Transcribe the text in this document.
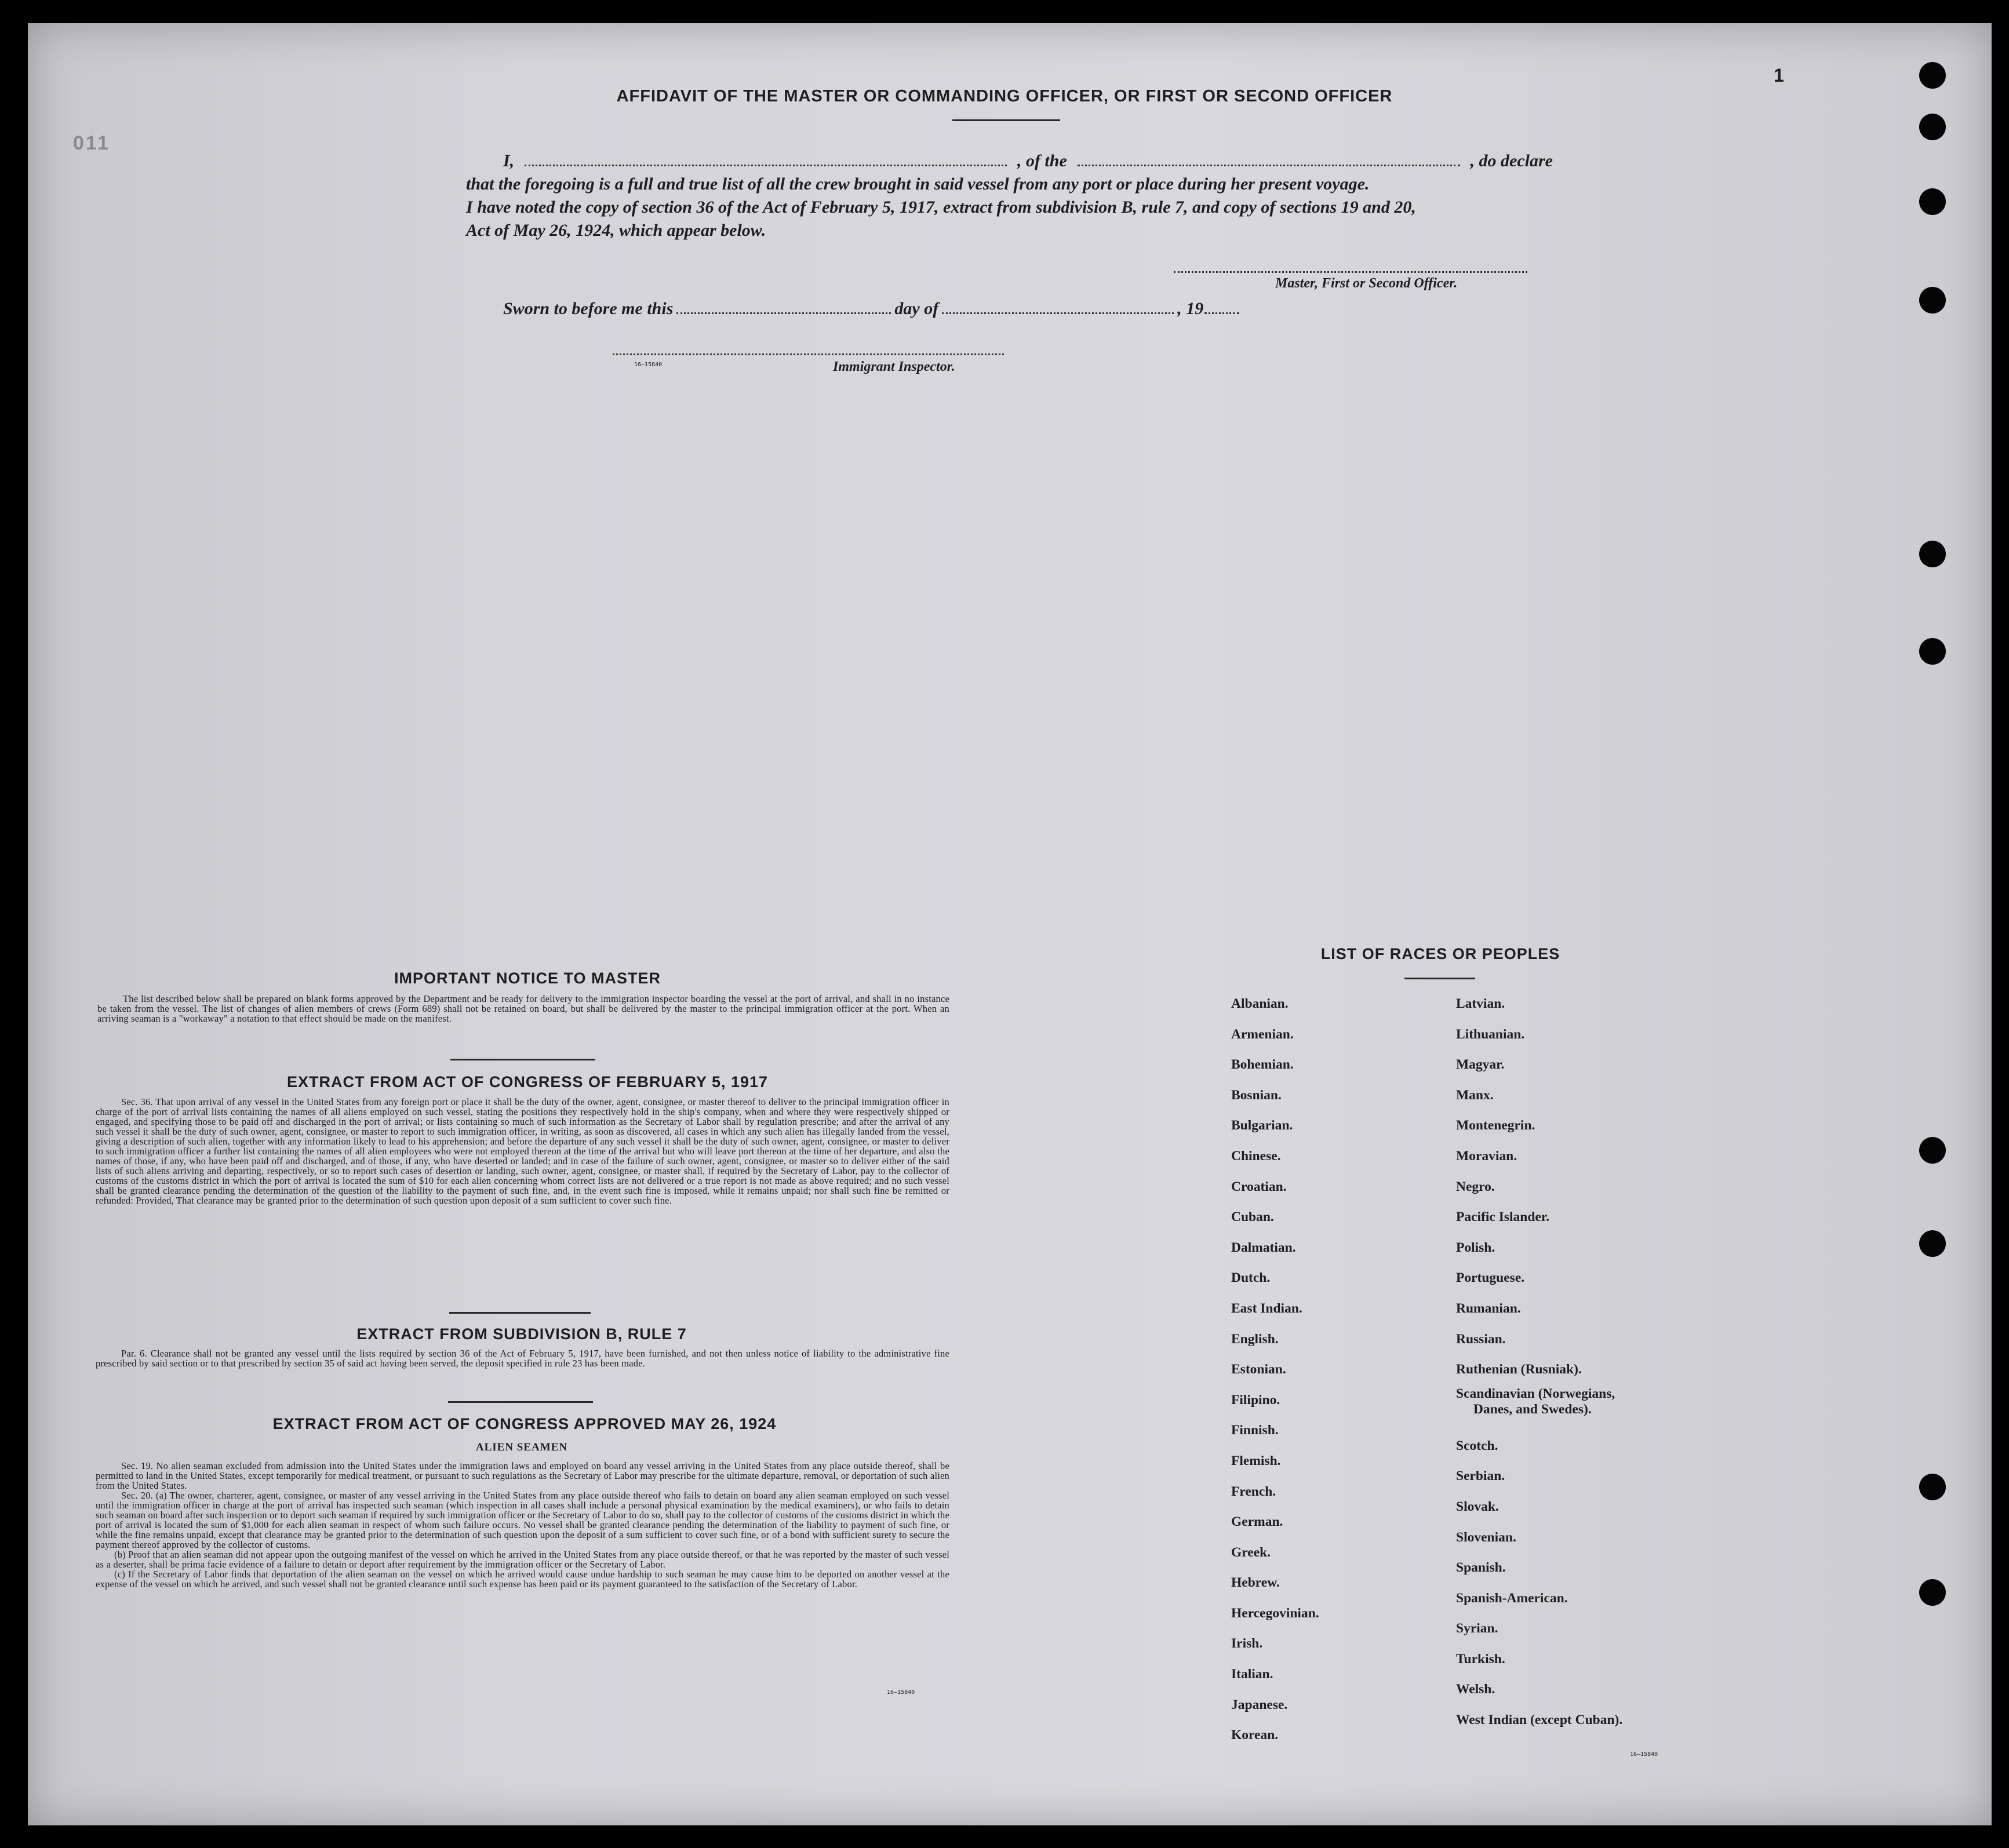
1
011
AFFIDAVIT OF THE MASTER OR COMMANDING OFFICER, OR FIRST OR SECOND OFFICER
I,	, of the	, do declare
that the foregoing is a full and true list of all the crew brought in said vessel from any port or place during her present voyage.
I have noted the copy of section 36 of the Act of February 5, 1917, extract from subdivision B, rule 7, and copy of sections 19 and 20,
Act of May 26, 1924, which appear below.
Master, First or Second Officer.
Sworn to before me this	day of	, 19
16—15840	Immigrant Inspector.
IMPORTANT NOTICE TO MASTER

The list described below shall be prepared on blank forms approved by the Department and be ready for delivery to the immigration inspector boarding the vessel at the port of arrival, and shall in no instance be taken from the vessel. The list of changes of alien members of crews (Form 689) shall not be retained on board, but shall be delivered by the master to the principal immigration officer at the port. When an arriving seaman is a "workaway" a notation to that effect should be made on the manifest.

EXTRACT FROM ACT OF CONGRESS OF FEBRUARY 5, 1917

Sec. 36. That upon arrival of any vessel in the United States from any foreign port or place it shall be the duty of the owner, agent, consignee, or master thereof to deliver to the principal immigration officer in charge of the port of arrival lists containing the names of all aliens employed on such vessel, stating the positions they respectively hold in the ship's company, when and where they were respectively shipped or engaged, and specifying those to be paid off and discharged in the port of arrival; or lists containing so much of such information as the Secretary of Labor shall by regulation prescribe; and after the arrival of any such vessel it shall be the duty of such owner, agent, consignee, or master to report to such immigration officer, in writing, as soon as discovered, all cases in which any such alien has illegally landed from the vessel, giving a description of such alien, together with any information likely to lead to his apprehension; and before the departure of any such vessel it shall be the duty of such owner, agent, consignee, or master to deliver to such immigration officer a further list containing the names of all alien employees who were not employed thereon at the time of the arrival but who will leave port thereon at the time of her departure, and also the names of those, if any, who have been paid off and discharged, and of those, if any, who have deserted or landed; and in case of the failure of such owner, agent, consignee, or master so to deliver either of the said lists of such aliens arriving and departing, respectively, or so to report such cases of desertion or landing, such owner, agent, consignee, or master shall, if required by the Secretary of Labor, pay to the collector of customs of the customs district in which the port of arrival is located the sum of $10 for each alien concerning whom correct lists are not delivered or a true report is not made as above required; and no such vessel shall be granted clearance pending the determination of the question of the liability to the payment of such fine, and, in the event such fine is imposed, while it remains unpaid; nor shall such fine be remitted or refunded: Provided, That clearance may be granted prior to the determination of such question upon deposit of a sum sufficient to cover such fine.

EXTRACT FROM SUBDIVISION B, RULE 7

Par. 6. Clearance shall not be granted any vessel until the lists required by section 36 of the Act of February 5, 1917, have been furnished, and not then unless notice of liability to the administrative fine prescribed by said section or to that prescribed by section 35 of said act having been served, the deposit specified in rule 23 has been made.

EXTRACT FROM ACT OF CONGRESS APPROVED MAY 26, 1924
ALIEN SEAMEN

Sec. 19. No alien seaman excluded from admission into the United States under the immigration laws and employed on board any vessel arriving in the United States from any place outside thereof, shall be permitted to land in the United States, except temporarily for medical treatment, or pursuant to such regulations as the Secretary of Labor may prescribe for the ultimate departure, removal, or deportation of such alien from the United States.

Sec. 20. (a) The owner, charterer, agent, consignee, or master of any vessel arriving in the United States from any place outside thereof who fails to detain on board any alien seaman employed on such vessel until the immigration officer in charge at the port of arrival has inspected such seaman (which inspection in all cases shall include a personal physical examination by the medical examiners), or who fails to detain such seaman on board after such inspection or to deport such seaman if required by such immigration officer or the Secretary of Labor to do so, shall pay to the collector of customs of the customs district in which the port of arrival is located the sum of $1,000 for each alien seaman in respect of whom such failure occurs. No vessel shall be granted clearance pending the determination of the liability to payment of such fine, or while the fine remains unpaid, except that clearance may be granted prior to the determination of such question upon the deposit of a sum sufficient to cover such fine, or of a bond with sufficient surety to secure the payment thereof approved by the collector of customs.

(b) Proof that an alien seaman did not appear upon the outgoing manifest of the vessel on which he arrived in the United States from any place outside thereof, or that he was reported by the master of such vessel as a deserter, shall be prima facie evidence of a failure to detain or deport after requirement by the immigration officer or the Secretary of Labor.

(c) If the Secretary of Labor finds that deportation of the alien seaman on the vessel on which he arrived would cause undue hardship to such seaman he may cause him to be deported on another vessel at the expense of the vessel on which he arrived, and such vessel shall not be granted clearance until such expense has been paid or its payment guaranteed to the satisfaction of the Secretary of Labor.

16—15840
LIST OF RACES OR PEOPLES
Albanian.
Armenian.
Bohemian.
Bosnian.
Bulgarian.
Chinese.
Croatian.
Cuban.
Dalmatian.
Dutch.
East Indian.
English.
Estonian.
Filipino.
Finnish.
Flemish.
French.
German.
Greek.
Hebrew.
Hercegovinian.
Irish.
Italian.
Japanese.
Korean.
Latvian.
Lithuanian.
Magyar.
Manx.
Montenegrin.
Moravian.
Negro.
Pacific Islander.
Polish.
Portuguese.
Rumanian.
Russian.
Ruthenian (Rusniak).
Scandinavian (Norwegians,
Danes, and Swedes).
Scotch.
Serbian.
Slovak.
Slovenian.
Spanish.
Spanish-American.
Syrian.
Turkish.
Welsh.
West Indian (except Cuban).
16—15840
